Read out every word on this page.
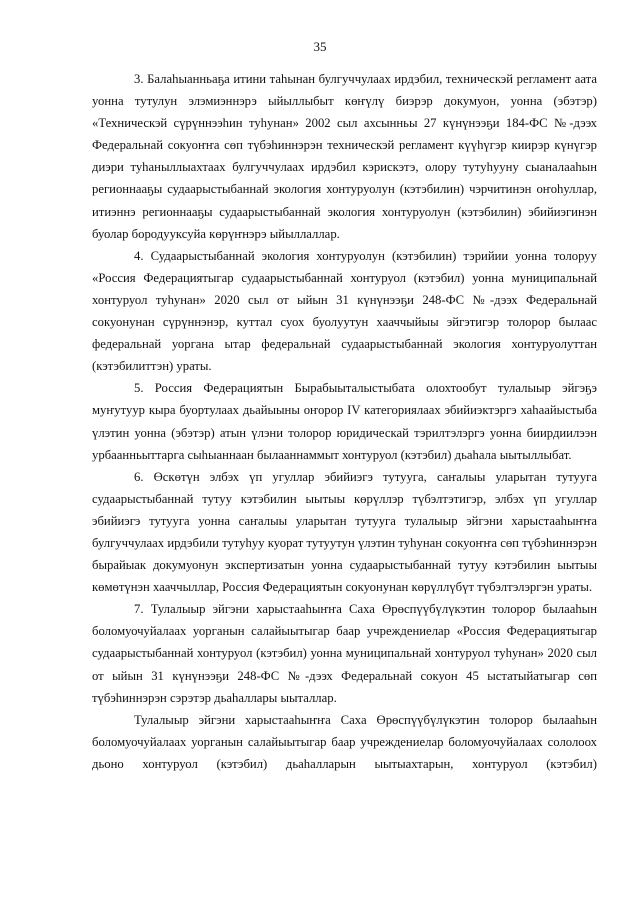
35

3. Балаһыанньаҕа итини таһынан булгуччулаах ирдэбил, техническэй регламент аата уонна тутулун элэмиэннэрэ ыйыллыбыт көҥүлү биэрэр докумуон, уонна (эбэтэр) «Техническэй сүрүннээһин туһунан» 2002 сыл ахсынньы 27 күнүнээҕи 184-ФС №-дээх Федеральнай сокуоҥҥа сөп түбэһиннэрэн техническэй регламент күүһүгэр киирэр күнүгэр диэри туһаныллыахтаах булгуччулаах ирдэбил кэрискэтэ, олору тутуһууну сыаналааһын регионнааҕы судаарыстыбаннай экология хонтуруолун (кэтэбилин) чэрчитинэн оҥоһуллар, итиэннэ регионнааҕы судаарыстыбаннай экология хонтуруолун (кэтэбилин) эбийиэгинэн буолар бородууксуйа көрүҥнэрэ ыйыллаллар.

4. Судаарыстыбаннай экология хонтуруолун (кэтэбилин) тэрийии уонна толоруу «Россия Федерациятыгар судаарыстыбаннай хонтуруол (кэтэбил) уонна муниципальнай хонтуруол туһунан» 2020 сыл от ыйын 31 күнүнээҕи 248-ФС №-дээх Федеральнай сокуонунан сүрүннэнэр, куттал суох буолуутун хааччыйыы эйгэтигэр толорор былаас федеральнай уоргана ытар федеральнай судаарыстыбаннай экология хонтуруолуттан (кэтэбилиттэн) ураты.

5. Россия Федерациятын Бырабыыталыстыбата олохтообут тулалыыр эйгэҕэ муҥутуур кыра буортулаах дьайыыны оҥорор IV категориялаах эбийиэктэргэ хаһаайыстыба үлэтин уонна (эбэтэр) атын үлэни толорор юридическай тэрилтэлэргэ уонна биирдиилээн урбаанньыттарга сыһыаннаан былааннаммыт хонтуруол (кэтэбил) дьаһала ыытыллыбат.

6. Өскөтүн элбэх үп угуллар эбийиэгэ тутууга, саҥалыы уларытан тутууга судаарыстыбаннай тутуу кэтэбилин ыытыы көрүллэр түбэлтэтигэр, элбэх үп угуллар эбийиэгэ тутууга уонна саҥалыы уларытан тутууга тулалыыр эйгэни харыстааһыҥҥа булгуччулаах ирдэбили тутуһуу куорат тутуутун үлэтин туһунан сокуоҥҥа сөп түбэһиннэрэн бырайыак докумуонун экспертизатын уонна судаарыстыбаннай тутуу кэтэбилин ыытыы көмөтүнэн хааччыллар, Россия Федерациятын сокуонунан көрүллүбүт түбэлтэлэргэн ураты.

7. Тулалыыр эйгэни харыстааһыҥҥа Саха Өрөспүүбүлүкэтин толорор былааһын боломуочуйалаах уорганын салайыытыгар баар учреждениелар «Россия Федерациятыгар судаарыстыбаннай хонтуруол (кэтэбил) уонна муниципальнай хонтуруол туһунан» 2020 сыл от ыйын 31 күнүнээҕи 248-ФС №-дээх Федеральнай сокуон 45 ыстатыйатыгар сөп түбэһиннэрэн сэрэтэр дьаһаллары ыыталлар.

Тулалыыр эйгэни харыстааһыҥҥа Саха Өрөспүүбүлүкэтин толорор былааһын боломуочуйалаах уорганын салайыытыгар баар учреждениелар боломуочуйалаах сололоох дьоно хонтуруол (кэтэбил) дьаһалларын ыытыахтарын, хонтуруол (кэтэбил)
